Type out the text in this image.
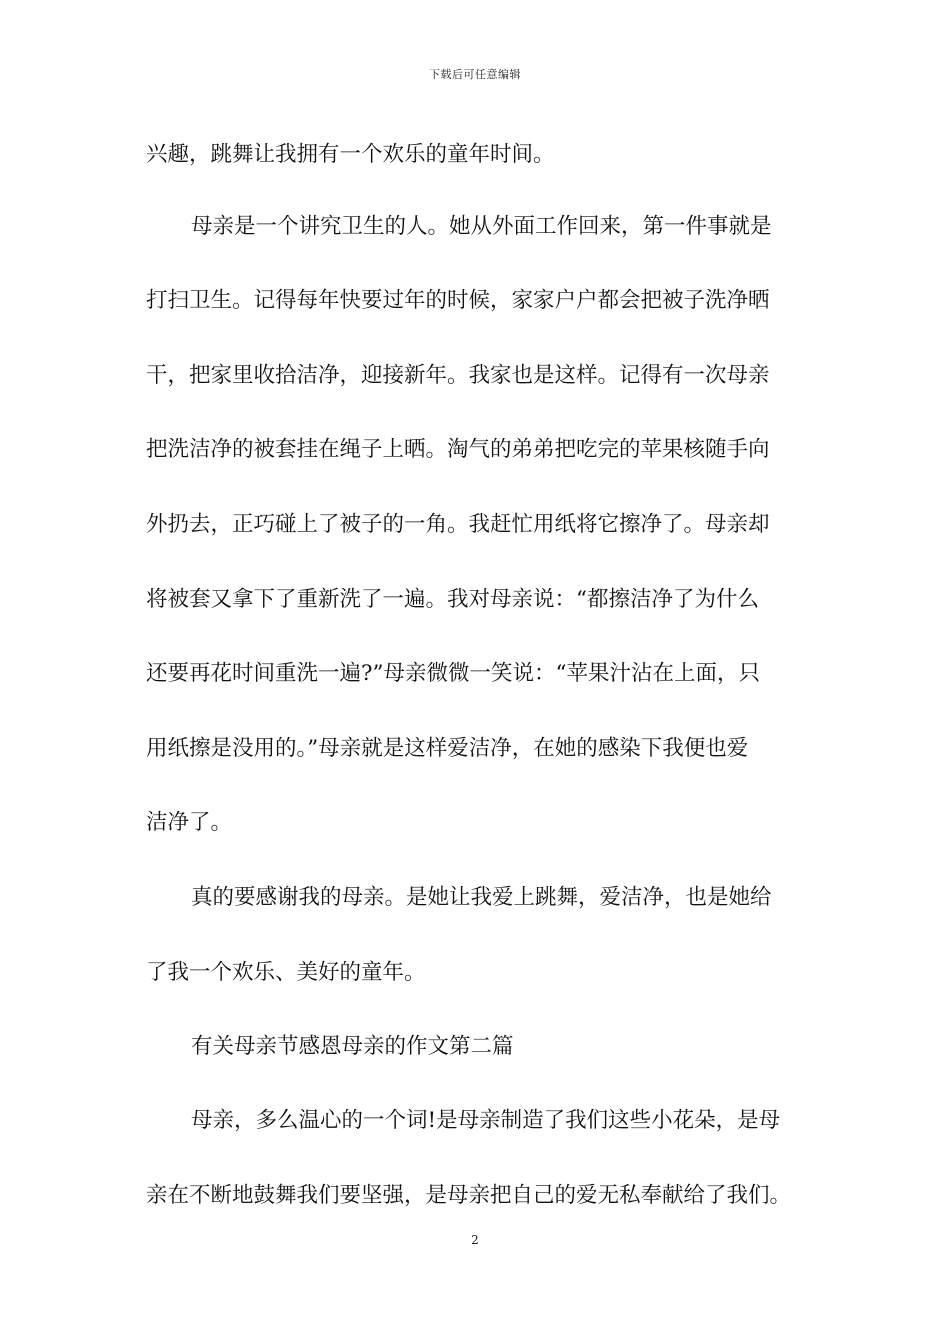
下载后可任意编辑
兴趣，跳舞让我拥有一个欢乐的童年时间。
母亲是一个讲究卫生的人。她从外面工作回来，第一件事就是
打扫卫生。记得每年快要过年的时候，家家户户都会把被子洗净晒
干，把家里收拾洁净，迎接新年。我家也是这样。记得有一次母亲
把洗洁净的被套挂在绳子上晒。淘气的弟弟把吃完的苹果核随手向
外扔去，正巧碰上了被子的一角。我赶忙用纸将它擦净了。母亲却
将被套又拿下了重新洗了一遍。我对母亲说：“都擦洁净了为什么
还要再花时间重洗一遍?”母亲微微一笑说：“苹果汁沾在上面，只
用纸擦是没用的。”母亲就是这样爱洁净，在她的感染下我便也爱
洁净了。
真的要感谢我的母亲。是她让我爱上跳舞，爱洁净，也是她给
了我一个欢乐、美好的童年。
有关母亲节感恩母亲的作文第二篇
母亲，多么温心的一个词!是母亲制造了我们这些小花朵，是母
亲在不断地鼓舞我们要坚强，是母亲把自己的爱无私奉献给了我们。
2
